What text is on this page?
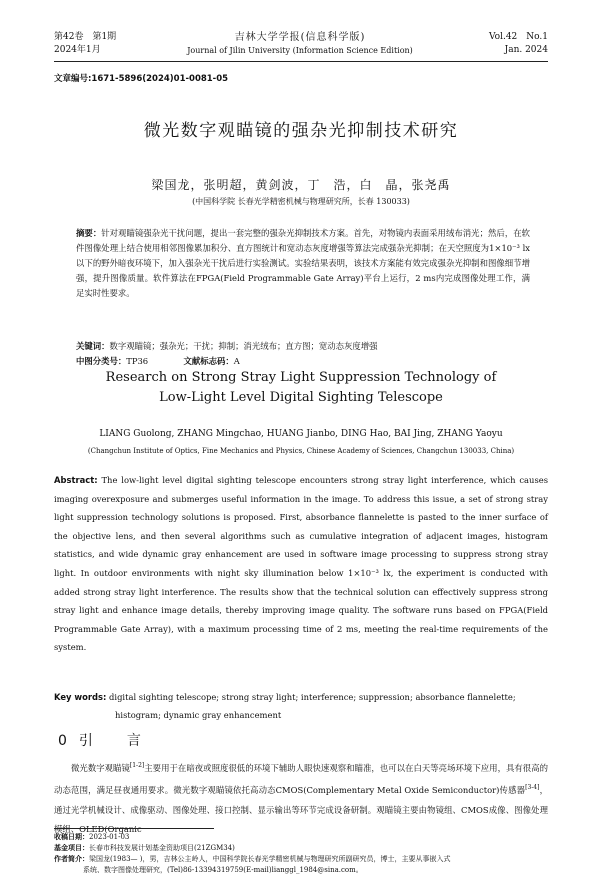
第42卷　第1期
2024年1月
吉林大学学报(信息科学版)
Journal of Jilin University (Information Science Edition)
Vol.42　No.1
Jan. 2024
文章编号:1671-5896(2024)01-0081-05
微光数字观瞄镜的强杂光抑制技术研究
梁国龙，张明超，黄剑波，丁　浩，白　晶，张尧禹
(中国科学院 长春光学精密机械与物理研究所，长春 130033)
摘要：针对观瞄镜强杂光干扰问题，提出一套完整的强杂光抑制技术方案。首先，对物镜内表面采用绒布消光；然后，在软件图像处理上结合使用相邻图像累加积分、直方图统计和宽动态灰度增强等算法完成强杂光抑制；在天空照度为1×10⁻³ lx以下的野外暗夜环境下，加入强杂光干扰后进行实验测试。实验结果表明，该技术方案能有效完成强杂光抑制和图像细节增强，提升图像质量。软件算法在FPGA(Field Programmable Gate Array)平台上运行，2 ms内完成图像处理工作，满足实时性要求。
关键词：数字观瞄镜；强杂光；干扰；抑制；消光绒布；直方图；宽动态灰度增强
中图分类号：TP36	文献标志码：A
Research on Strong Stray Light Suppression Technology of
Low-Light Level Digital Sighting Telescope
LIANG Guolong, ZHANG Mingchao, HUANG Jianbo, DING Hao, BAI Jing, ZHANG Yaoyu
(Changchun Institute of Optics, Fine Mechanics and Physics, Chinese Academy of Sciences, Changchun 130033, China)
Abstract: The low-light level digital sighting telescope encounters strong stray light interference, which causes imaging overexposure and submerges useful information in the image. To address this issue, a set of strong stray light suppression technology solutions is proposed. First, absorbance flannelette is pasted to the inner surface of the objective lens, and then several algorithms such as cumulative integration of adjacent images, histogram statistics, and wide dynamic gray enhancement are used in software image processing to suppress strong stray light. In outdoor environments with night sky illumination below 1×10⁻³ lx, the experiment is conducted with added strong stray light interference. The results show that the technical solution can effectively suppress strong stray light and enhance image details, thereby improving image quality. The software runs based on FPGA(Field Programmable Gate Array), with a maximum processing time of 2 ms, meeting the real-time requirements of the system.
Key words: digital sighting telescope; strong stray light; interference; suppression; absorbance flannelette;
histogram; dynamic gray enhancement
0引　言
微光数字观瞄镜[1-2]主要用于在暗夜或照度很低的环境下辅助人眼快速观察和瞄准，也可以在白天等亮场环境下应用，具有很高的动态范围，满足昼夜通用要求。微光数字观瞄镜依托高动态CMOS(Complementary Metal Oxide Semiconductor)传感器[3-4]，通过光学机械设计、成像驱动、图像处理、接口控制、显示输出等环节完成设备研制。观瞄镜主要由物镜组、CMOS成像、图像处理模组、OLED(Organic
收稿日期：2023-01-03
基金项目：长春市科技发展计划基金资助项目(21ZGM34)
作者简介：梁国龙(1983— )，男，吉林公主岭人，中国科学院长春光学精密机械与物理研究所副研究员，博士，主要从事嵌入式
系统、数字图像处理研究，(Tel)86-13394319759(E-mail)lianggl_1984@sina.com。
